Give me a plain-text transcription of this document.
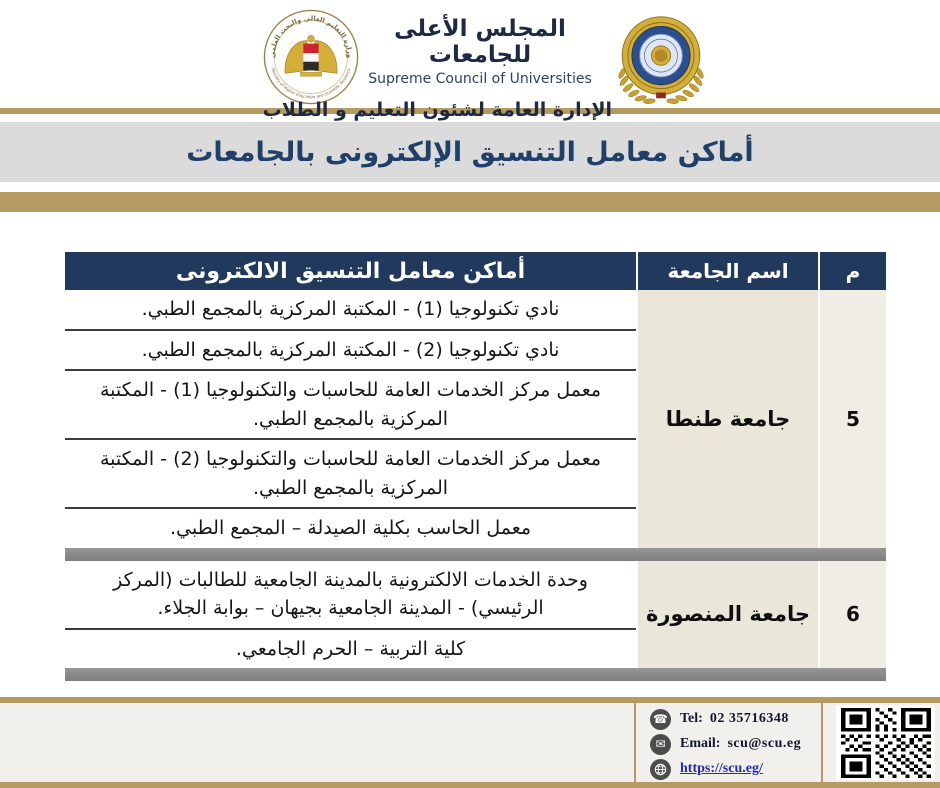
وزارة التعليم العالي والبحث العلمي
Ministry of Higher Education and Scientific Research
المجلس الأعلى للجامعات
Supreme Council of Universities
الإدارة العامة لشئون التعليم و الطلاب
أماكن معامل التنسيق الإلكترونى بالجامعات
م
اسم الجامعة
أماكن معامل التنسيق الالكترونى
5
جامعة طنطا
نادي تكنولوجيا (1) - المكتبة المركزية بالمجمع الطبي.
نادي تكنولوجيا (2) - المكتبة المركزية بالمجمع الطبي.
معمل مركز الخدمات العامة للحاسبات والتكنولوجيا (1) - المكتبة المركزية بالمجمع الطبي.
معمل مركز الخدمات العامة للحاسبات والتكنولوجيا (2) - المكتبة المركزية بالمجمع الطبي.
معمل الحاسب بكلية الصيدلة – المجمع الطبي.
6
جامعة المنصورة
وحدة الخدمات الالكترونية بالمدينة الجامعية للطالبات (المركز الرئيسي) - المدينة الجامعية بجيهان – بوابة الجلاء.
كلية التربية – الحرم الجامعي.
☎ Tel: 02 35716348
✉	Email: scu@scu.eg
https://scu.eg/
